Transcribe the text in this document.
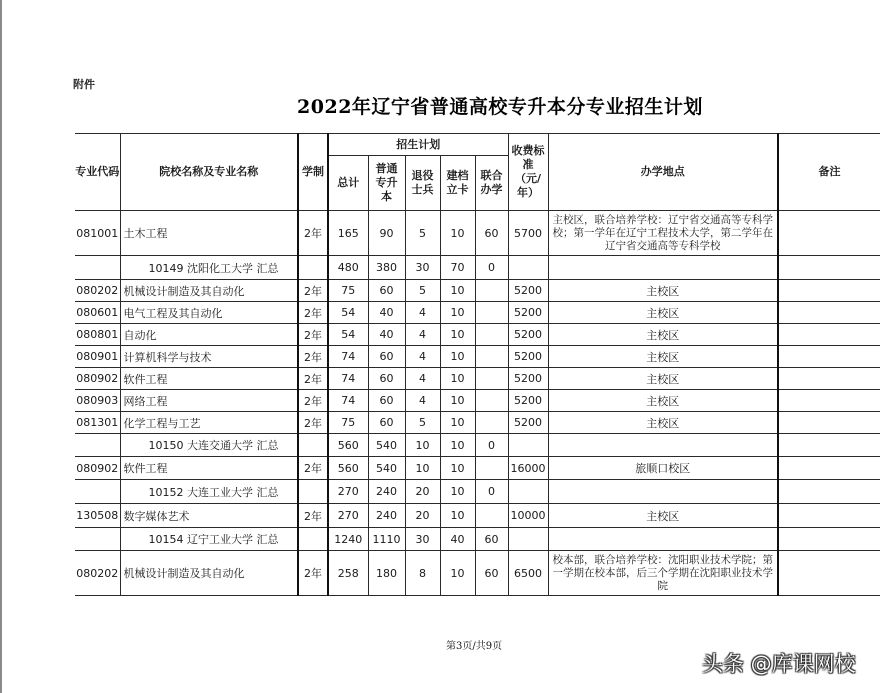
附件
2022年辽宁省普通高校专升本分专业招生计划
专业代码	院校名称及专业名称	学制	招生计划					收费标准（元/年）	办学地点	备注
			总计	普通专升本	退役士兵	建档立卡	联合办学			
081001	土木工程	2年	165	90	5	10	60	5700	主校区，联合培养学校：辽宁省交通高等专科学校；第一学年在辽宁工程技术大学，第二学年在辽宁省交通高等专科学校	
	10149 沈阳化工大学 汇总		480	380	30	70	0			
080202	机械设计制造及其自动化	2年	75	60	5	10		5200	主校区	
080601	电气工程及其自动化	2年	54	40	4	10		5200	主校区	
080801	自动化	2年	54	40	4	10		5200	主校区	
080901	计算机科学与技术	2年	74	60	4	10		5200	主校区	
080902	软件工程	2年	74	60	4	10		5200	主校区	
080903	网络工程	2年	74	60	4	10		5200	主校区	
081301	化学工程与工艺	2年	75	60	5	10		5200	主校区	
	10150 大连交通大学 汇总		560	540	10	10	0			
080902	软件工程	2年	560	540	10	10		16000	旅顺口校区	
	10152 大连工业大学 汇总		270	240	20	10	0			
130508	数字媒体艺术	2年	270	240	20	10		10000	主校区	
	10154 辽宁工业大学 汇总		1240	1110	30	40	60			
080202	机械设计制造及其自动化	2年	258	180	8	10	60	6500	校本部，联合培养学校：沈阳职业技术学院；第一学期在校本部，后三个学期在沈阳职业技术学院	
第3页/共9页
头条 @库课网校
